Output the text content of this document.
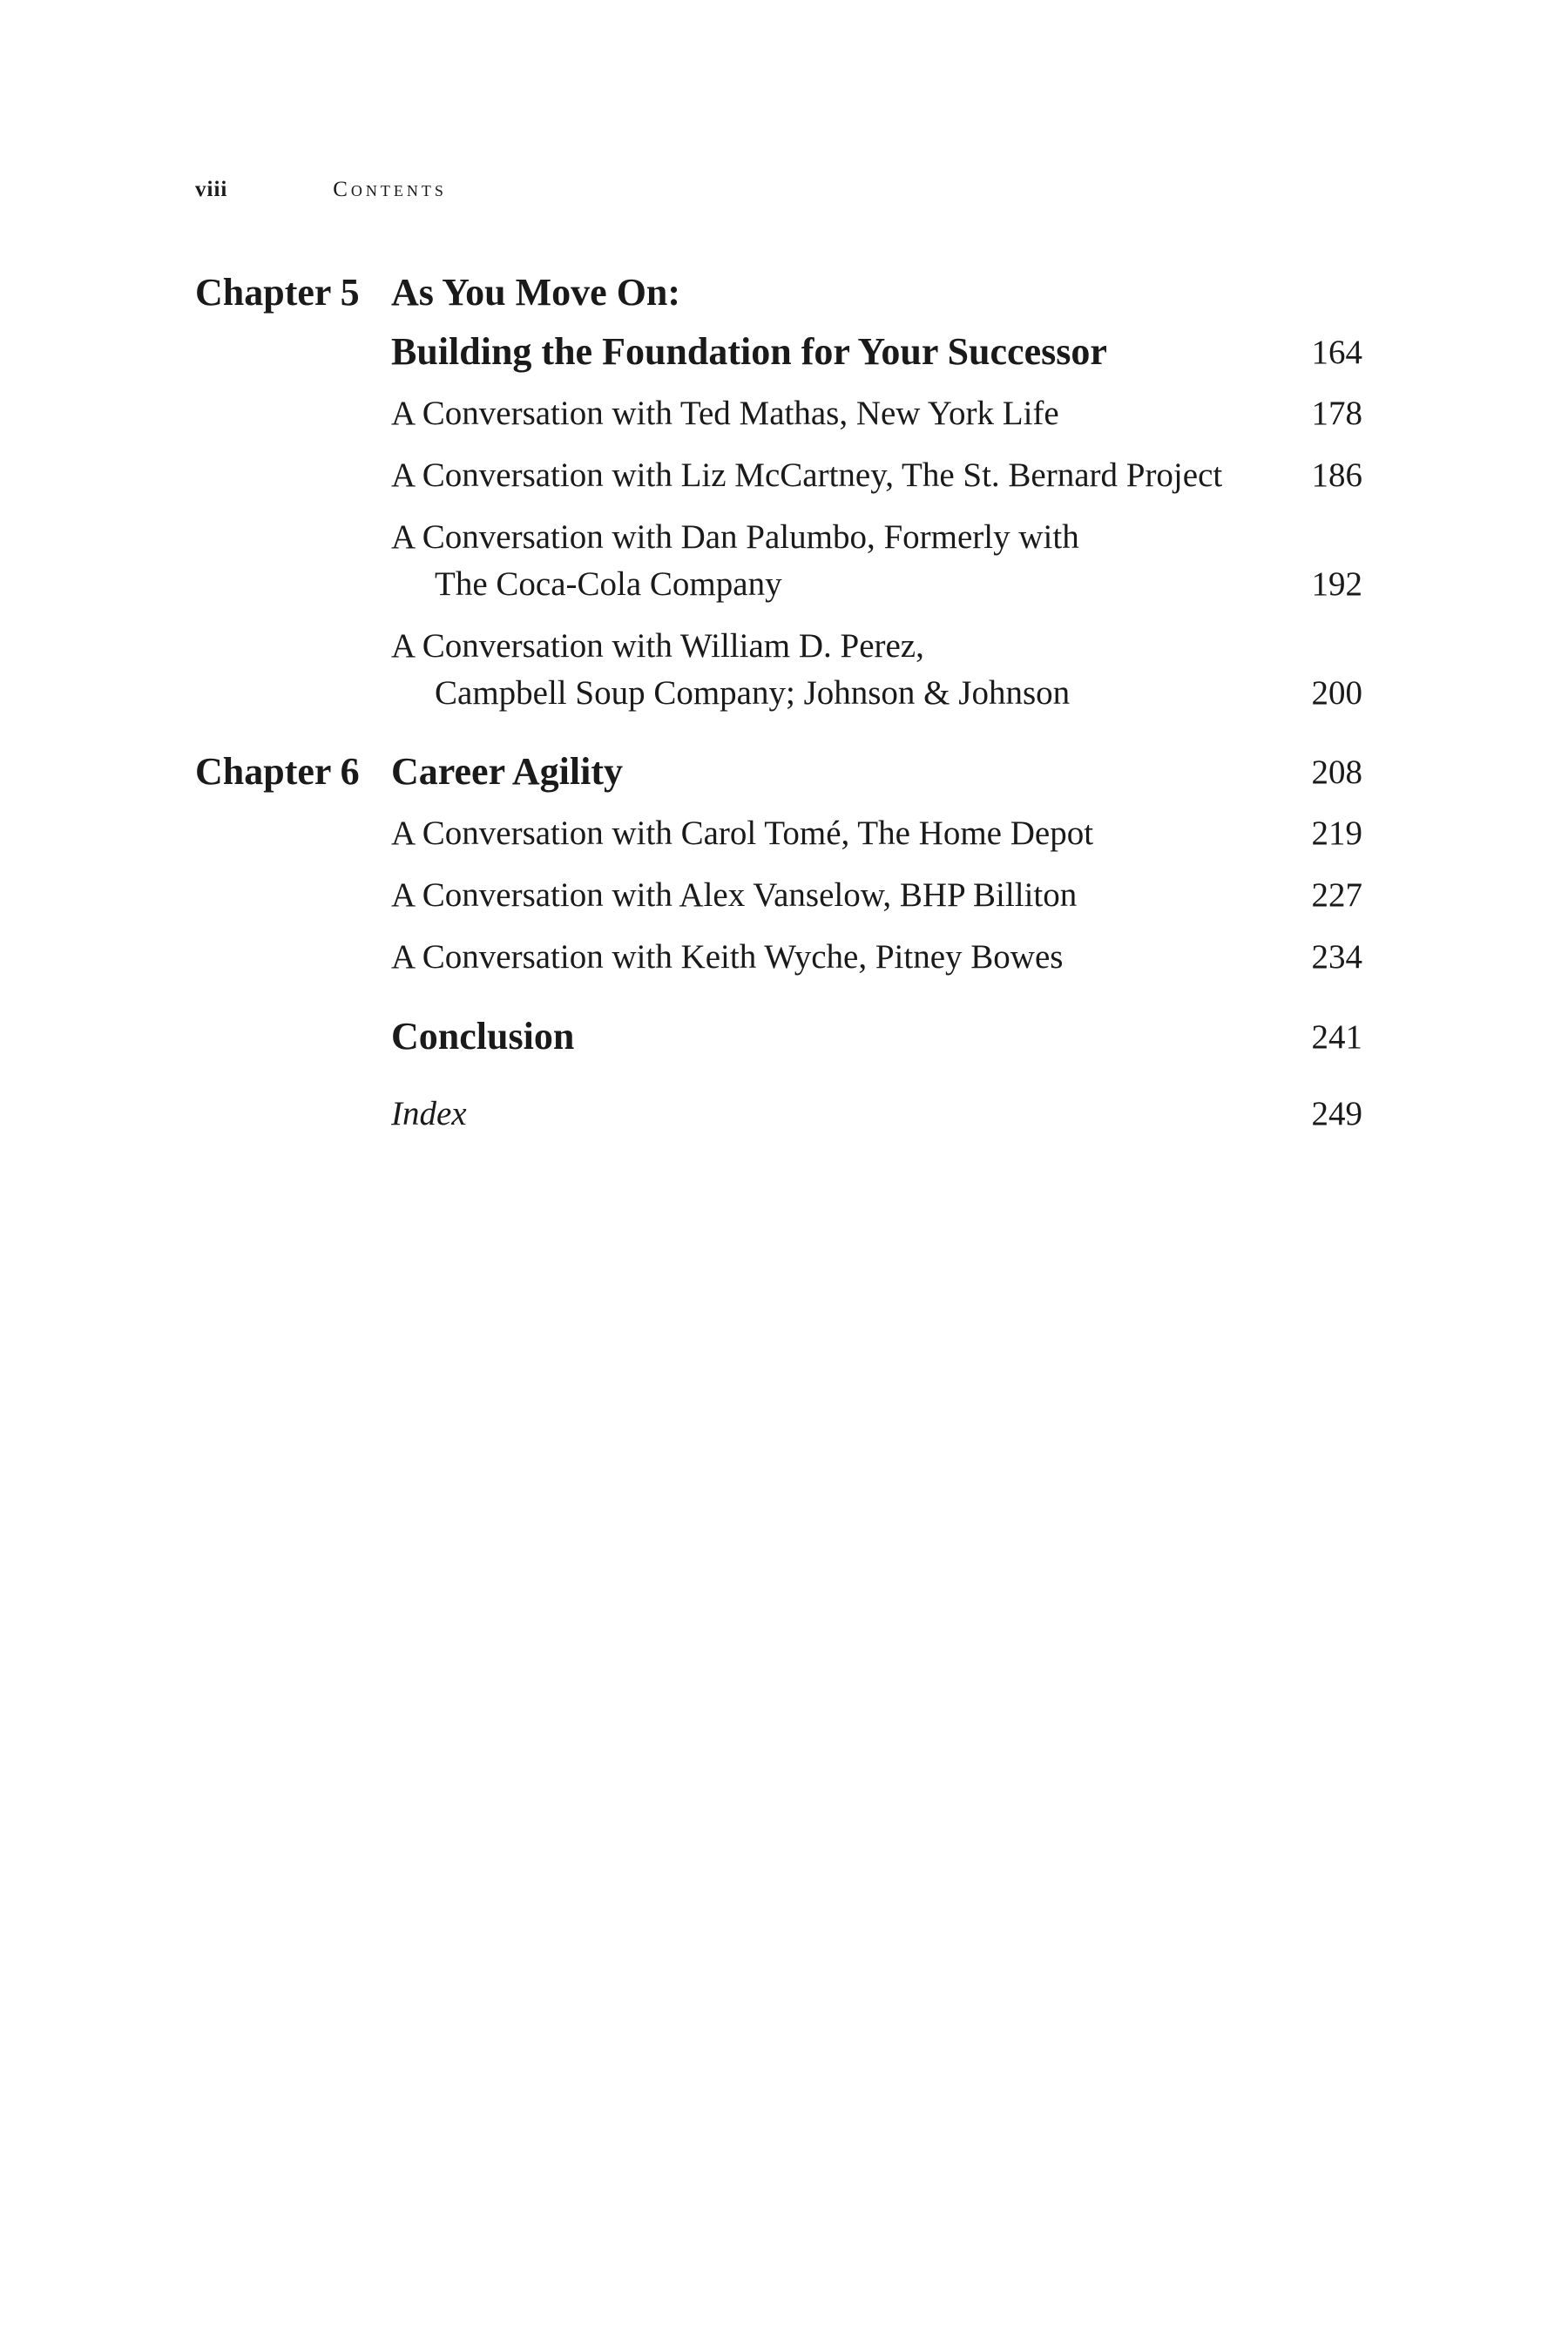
viii	Contents
Chapter 5 As You Move On:
Building the Foundation for Your Successor	164
A Conversation with Ted Mathas, New York Life	178
A Conversation with Liz McCartney, The St. Bernard Project	186
A Conversation with Dan Palumbo, Formerly with
The Coca-Cola Company	192
A Conversation with William D. Perez,
Campbell Soup Company; Johnson & Johnson	200
Chapter 6 Career Agility	208
A Conversation with Carol Tomé, The Home Depot	219
A Conversation with Alex Vanselow, BHP Billiton	227
A Conversation with Keith Wyche, Pitney Bowes	234
Conclusion	241
Index	249
